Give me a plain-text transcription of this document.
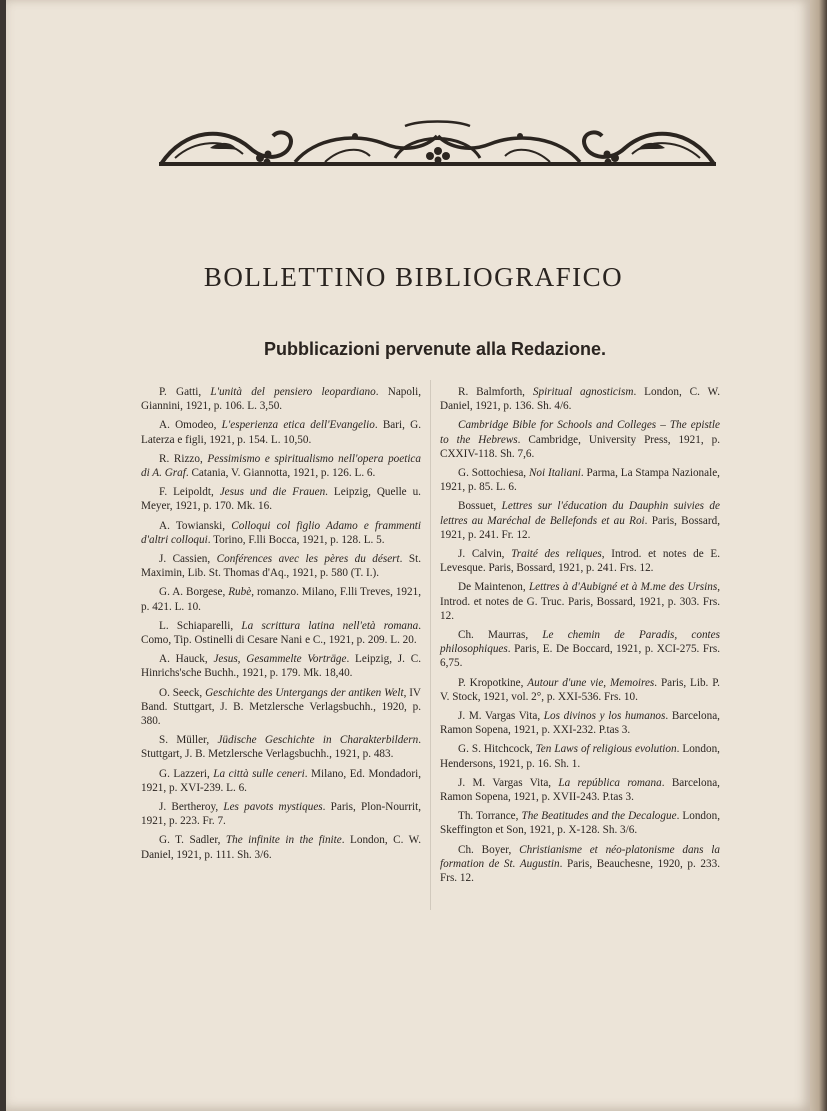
BOLLETTINO BIBLIOGRAFICO
Pubblicazioni pervenute alla Redazione.

P. Gatti, L'unità del pensiero leopardiano. Napoli, Giannini, 1921, p. 106. L. 3,50.

A. Omodeo, L'esperienza etica dell'Evangelio. Bari, G. Laterza e figli, 1921, p. 154. L. 10,50.

R. Rizzo, Pessimismo e spiritualismo nell'opera poetica di A. Graf. Catania, V. Giannotta, 1921, p. 126. L. 6.

F. Leipoldt, Jesus und die Frauen. Leipzig, Quelle u. Meyer, 1921, p. 170. Mk. 16.

A. Towianski, Colloqui col figlio Adamo e frammenti d'altri colloqui. Torino, F.lli Bocca, 1921, p. 128. L. 5.

J. Cassien, Conférences avec les pères du désert. St. Maximin, Lib. St. Thomas d'Aq., 1921, p. 580 (T. I.).

G. A. Borgese, Rubè, romanzo. Milano, F.lli Treves, 1921, p. 421. L. 10.

L. Schiaparelli, La scrittura latina nell'età romana. Como, Tip. Ostinelli di Cesare Nani e C., 1921, p. 209. L. 20.

A. Hauck, Jesus, Gesammelte Vorträge. Leipzig, J. C. Hinrichs'sche Buchh., 1921, p. 179. Mk. 18,40.

O. Seeck, Geschichte des Untergangs der antiken Welt, IV Band. Stuttgart, J. B. Metzlersche Verlagsbuchh., 1920, p. 380.

S. Müller, Jüdische Geschichte in Charakterbildern. Stuttgart, J. B. Metzlersche Verlagsbuchh., 1921, p. 483.

G. Lazzeri, La città sulle ceneri. Milano, Ed. Mondadori, 1921, p. XVI-239. L. 6.

J. Bertheroy, Les pavots mystiques. Paris, Plon-Nourrit, 1921, p. 223. Fr. 7.

G. T. Sadler, The infinite in the finite. London, C. W. Daniel, 1921, p. 111. Sh. 3/6.

R. Balmforth, Spiritual agnosticism. London, C. W. Daniel, 1921, p. 136. Sh. 4/6.

Cambridge Bible for Schools and Colleges – The epistle to the Hebrews. Cambridge, University Press, 1921, p. CXXIV-118. Sh. 7,6.

G. Sottochiesa, Noi Italiani. Parma, La Stampa Nazionale, 1921, p. 85. L. 6.

Bossuet, Lettres sur l'éducation du Dauphin suivies de lettres au Maréchal de Bellefonds et au Roi. Paris, Bossard, 1921, p. 241. Fr. 12.

J. Calvin, Traité des reliques, Introd. et notes de E. Levesque. Paris, Bossard, 1921, p. 241. Frs. 12.

De Maintenon, Lettres à d'Aubigné et à M.me des Ursins, Introd. et notes de G. Truc. Paris, Bossard, 1921, p. 303. Frs. 12.

Ch. Maurras, Le chemin de Paradis, contes philosophiques. Paris, E. De Boccard, 1921, p. XCI-275. Frs. 6,75.

P. Kropotkine, Autour d'une vie, Memoires. Paris, Lib. P. V. Stock, 1921, vol. 2°, p. XXI-536. Frs. 10.

J. M. Vargas Vita, Los divinos y los humanos. Barcelona, Ramon Sopena, 1921, p. XXI-232. P.tas 3.

G. S. Hitchcock, Ten Laws of religious evolution. London, Hendersons, 1921, p. 16. Sh. 1.

J. M. Vargas Vita, La república romana. Barcelona, Ramon Sopena, 1921, p. XVII-243. P.tas 3.

Th. Torrance, The Beatitudes and the Decalogue. London, Skeffington et Son, 1921, p. X-128. Sh. 3/6.

Ch. Boyer, Christianisme et néo-platonisme dans la formation de St. Augustin. Paris, Beauchesne, 1920, p. 233. Frs. 12.
